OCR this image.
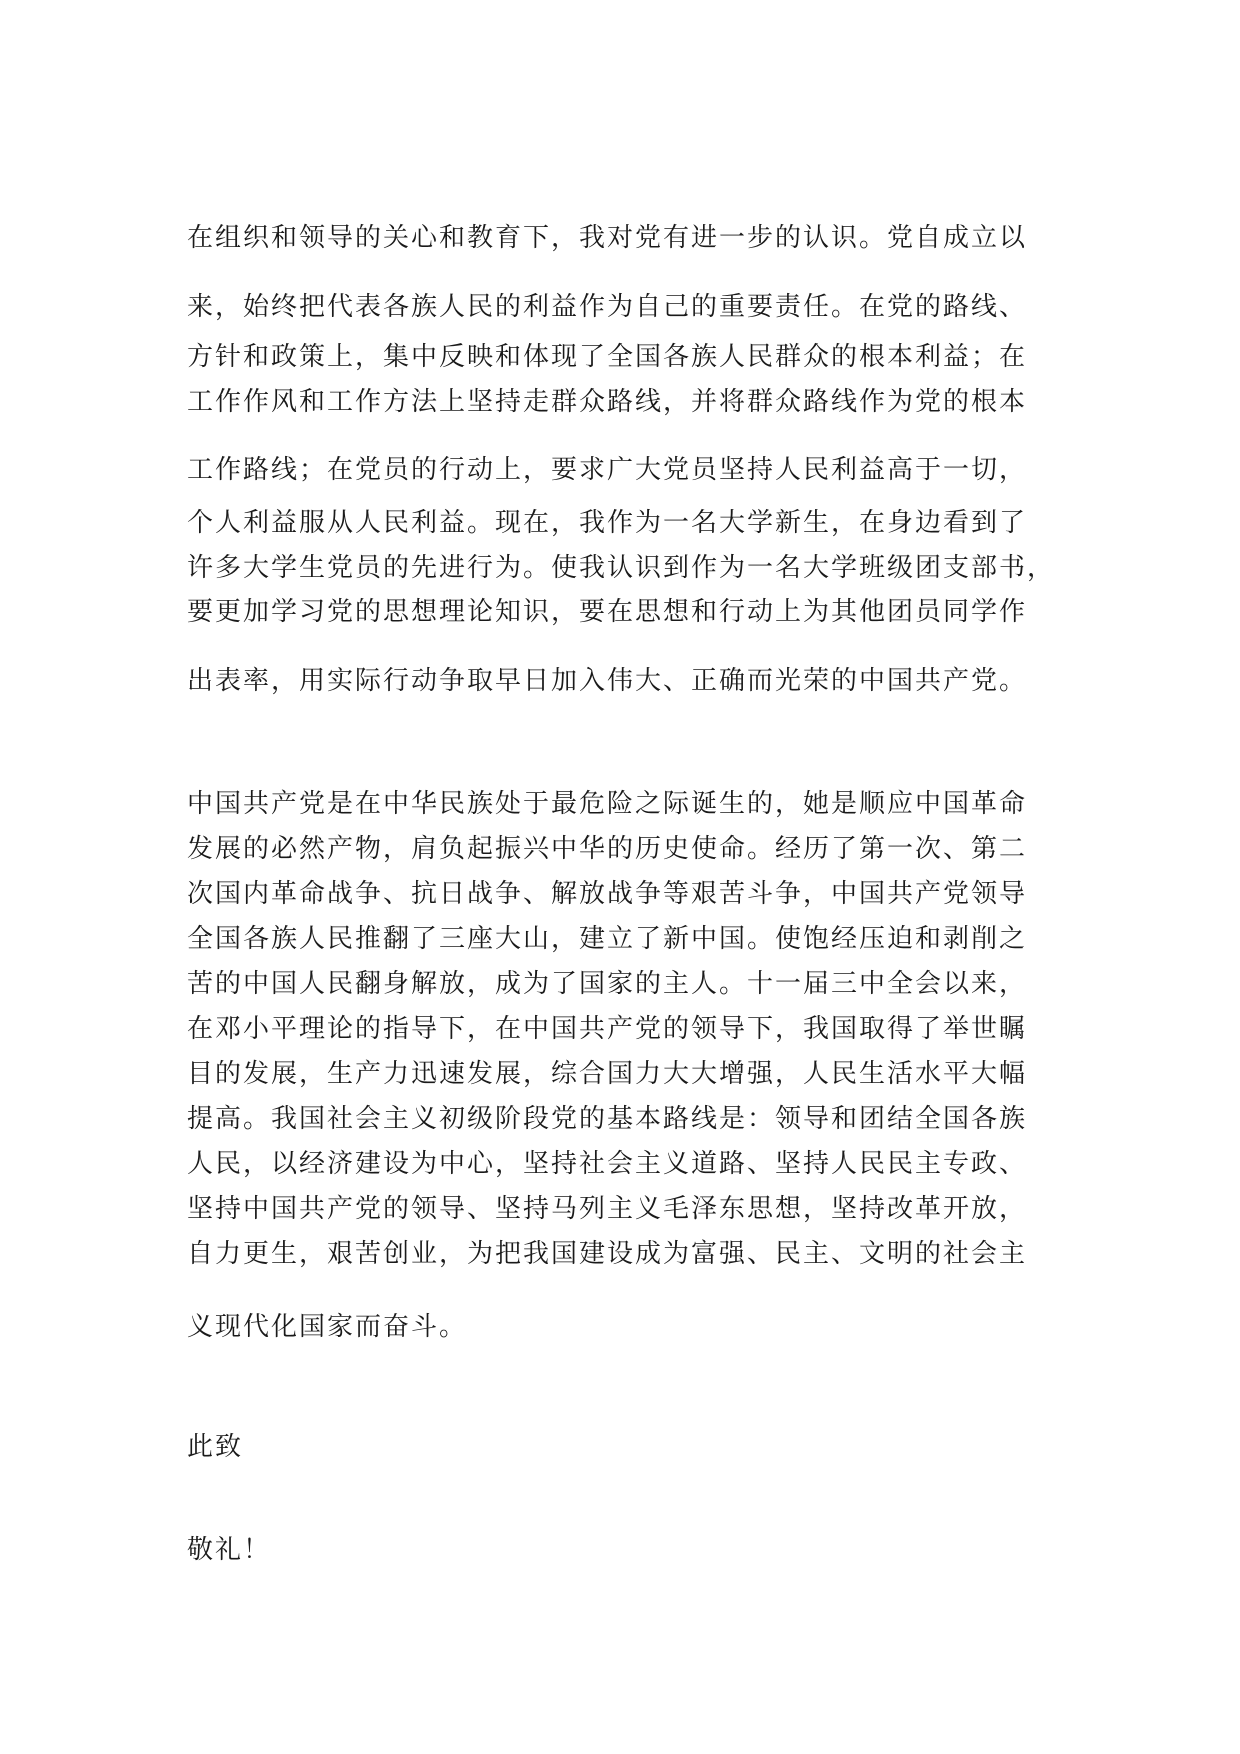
在组织和领导的关心和教育下，我对党有进一步的认识。党自成立以
来，始终把代表各族人民的利益作为自己的重要责任。在党的路线、
方针和政策上，集中反映和体现了全国各族人民群众的根本利益；在
工作作风和工作方法上坚持走群众路线，并将群众路线作为党的根本
工作路线；在党员的行动上，要求广大党员坚持人民利益高于一切，
个人利益服从人民利益。现在，我作为一名大学新生，在身边看到了
许多大学生党员的先进行为。使我认识到作为一名大学班级团支部书，
要更加学习党的思想理论知识，要在思想和行动上为其他团员同学作
出表率，用实际行动争取早日加入伟大、正确而光荣的中国共产党。
中国共产党是在中华民族处于最危险之际诞生的，她是顺应中国革命
发展的必然产物，肩负起振兴中华的历史使命。经历了第一次、第二
次国内革命战争、抗日战争、解放战争等艰苦斗争，中国共产党领导
全国各族人民推翻了三座大山，建立了新中国。使饱经压迫和剥削之
苦的中国人民翻身解放，成为了国家的主人。十一届三中全会以来，
在邓小平理论的指导下，在中国共产党的领导下，我国取得了举世瞩
目的发展，生产力迅速发展，综合国力大大增强，人民生活水平大幅
提高。我国社会主义初级阶段党的基本路线是：领导和团结全国各族
人民，以经济建设为中心，坚持社会主义道路、坚持人民民主专政、
坚持中国共产党的领导、坚持马列主义毛泽东思想，坚持改革开放，
自力更生，艰苦创业，为把我国建设成为富强、民主、文明的社会主
义现代化国家而奋斗。
此致
敬礼！
